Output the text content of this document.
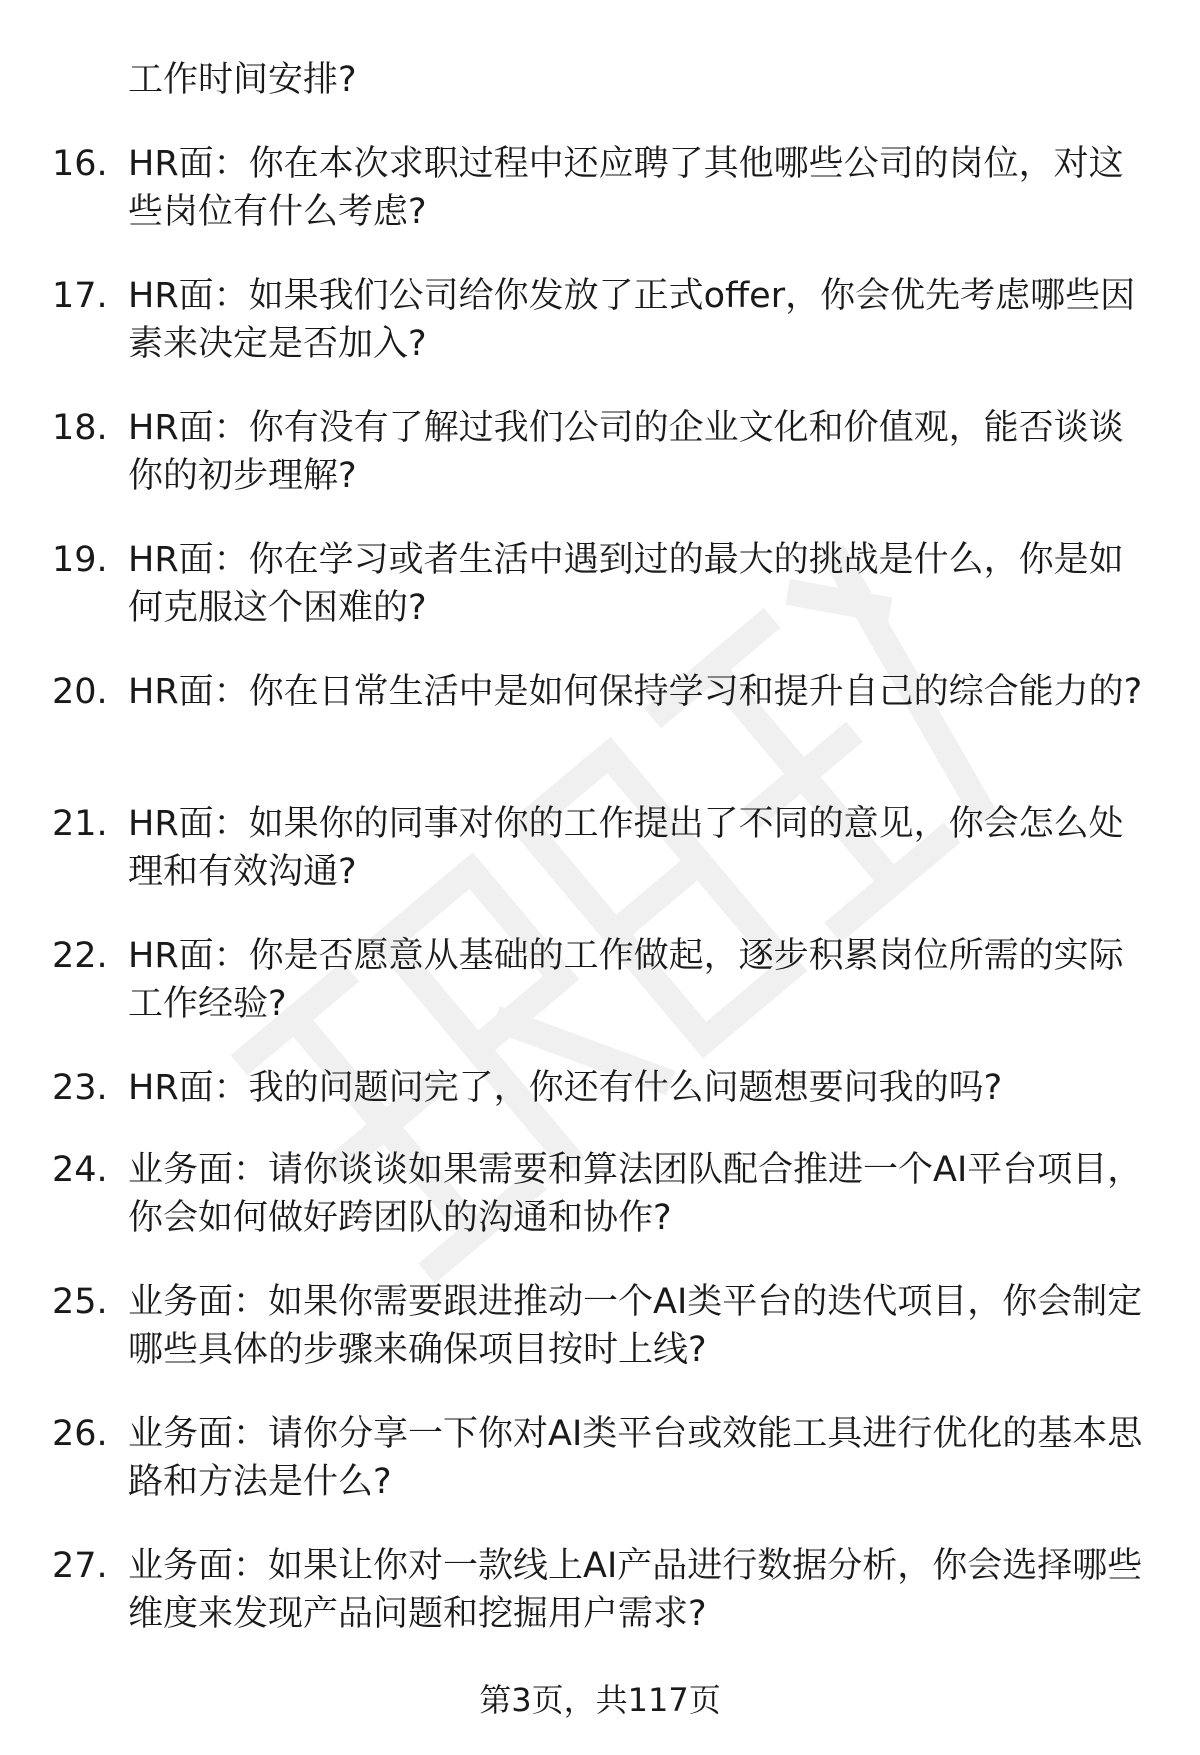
工作时间安排?

16. HR面：你在本次求职过程中还应聘了其他哪些公司的岗位，对这些岗位有什么考虑?
17. HR面：如果我们公司给你发放了正式offer，你会优先考虑哪些因素来决定是否加入?
18. HR面：你有没有了解过我们公司的企业文化和价值观，能否谈谈你的初步理解?
19. HR面：你在学习或者生活中遇到过的最大的挑战是什么，你是如何克服这个困难的?
20. HR面：你在日常生活中是如何保持学习和提升自己的综合能力的?
21. HR面：如果你的同事对你的工作提出了不同的意见，你会怎么处理和有效沟通?
22. HR面：你是否愿意从基础的工作做起，逐步积累岗位所需的实际工作经验?
23. HR面：我的问题问完了，你还有什么问题想要问我的吗?
24. 业务面：请你谈谈如果需要和算法团队配合推进一个AI平台项目，你会如何做好跨团队的沟通和协作?
25. 业务面：如果你需要跟进推动一个AI类平台的迭代项目，你会制定哪些具体的步骤来确保项目按时上线?
26. 业务面：请你分享一下你对AI类平台或效能工具进行优化的基本思路和方法是什么?
27. 业务面：如果让你对一款线上AI产品进行数据分析，你会选择哪些维度来发现产品问题和挖掘用户需求?
第3页，共117页
